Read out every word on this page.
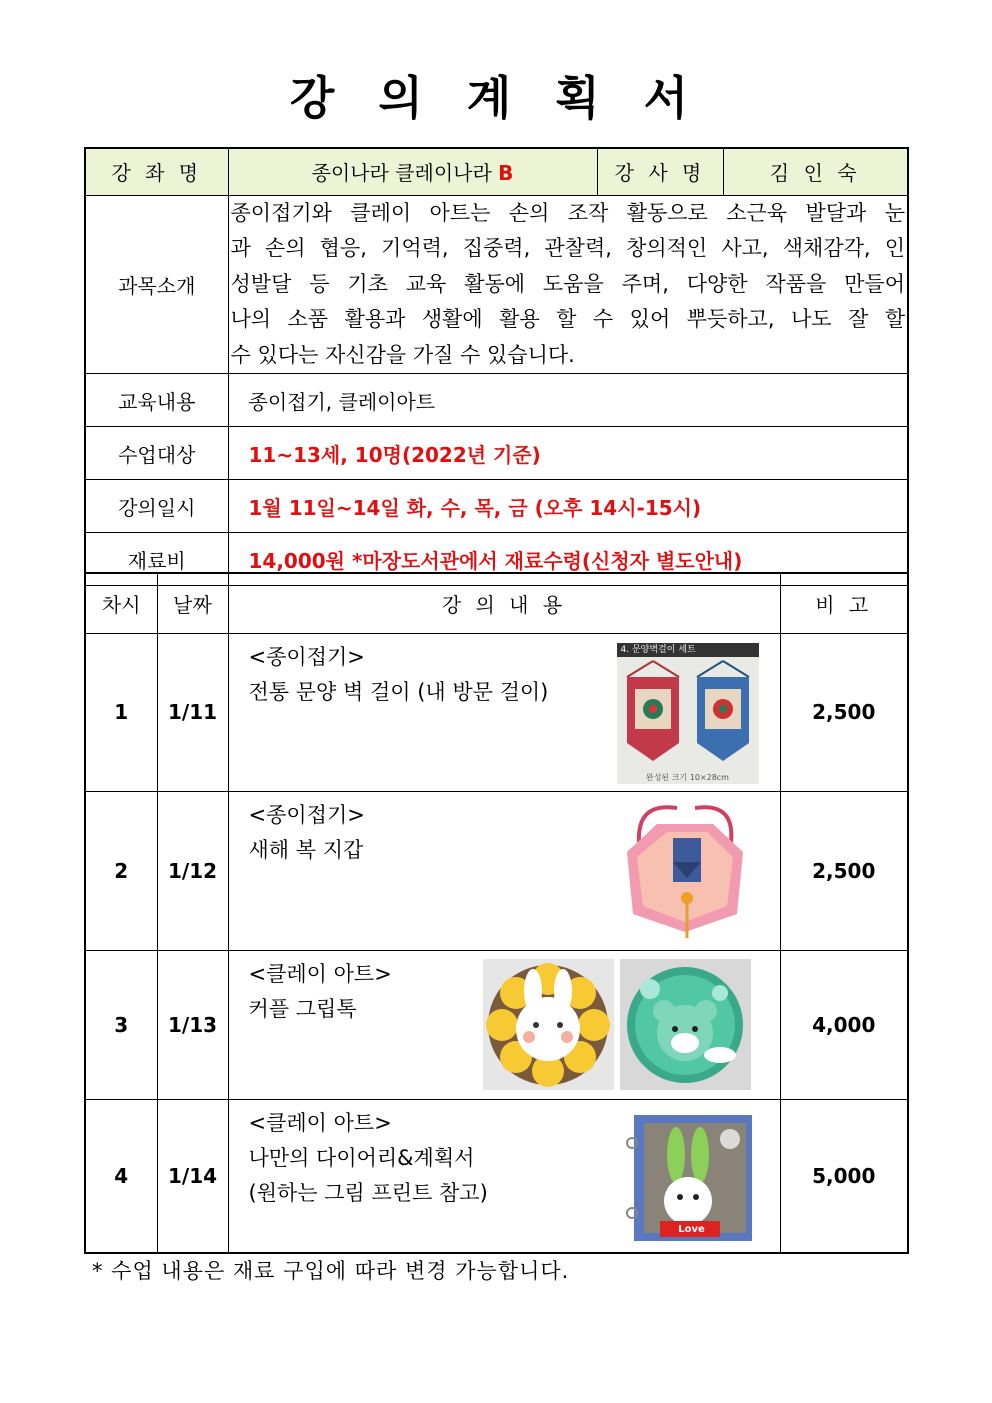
강 의 계 획 서
강 좌 명	종이나라 클레이나라 B	강 사 명	김 인 숙
과목소개	종이접기와 클레이 아트는 손의 조작 활동으로 소근육 발달과 눈
과 손의 협응, 기억력, 집중력, 관찰력, 창의적인 사고, 색채감각, 인
성발달 등 기초 교육 활동에 도움을 주며, 다양한 작품을 만들어
나의 소품 활용과 생활에 활용 할 수 있어 뿌듯하고, 나도 잘 할
수 있다는 자신감을 가질 수 있습니다.		

교육내용	종이접기, 클레이아트		
수업대상	11~13세, 10명(2022년 기준)		
강의일시	1월 11일~14일 화, 수, 목, 금 (오후 14시-15시)		
재료비	14,000원 *마장도서관에서 재료수령(신청자 별도안내)		
차시	날짜	강 의 내 용	비 고
1	1/11	<종이접기>
전통 문양 벽 걸이 (내 방문 걸이)
4. 문양벽걸이 세트
완성된 크기 10×28cm	2,500
2	1/12	<종이접기>
새해 복 지갑	2,500
3	1/13	<클레이 아트>
커플 그립톡	4,000
4	1/14	<클레이 아트>
나만의 다이어리&계획서
(원하는 그림 프린트 참고)
Love	5,000
* 수업 내용은 재료 구입에 따라 변경 가능합니다.
